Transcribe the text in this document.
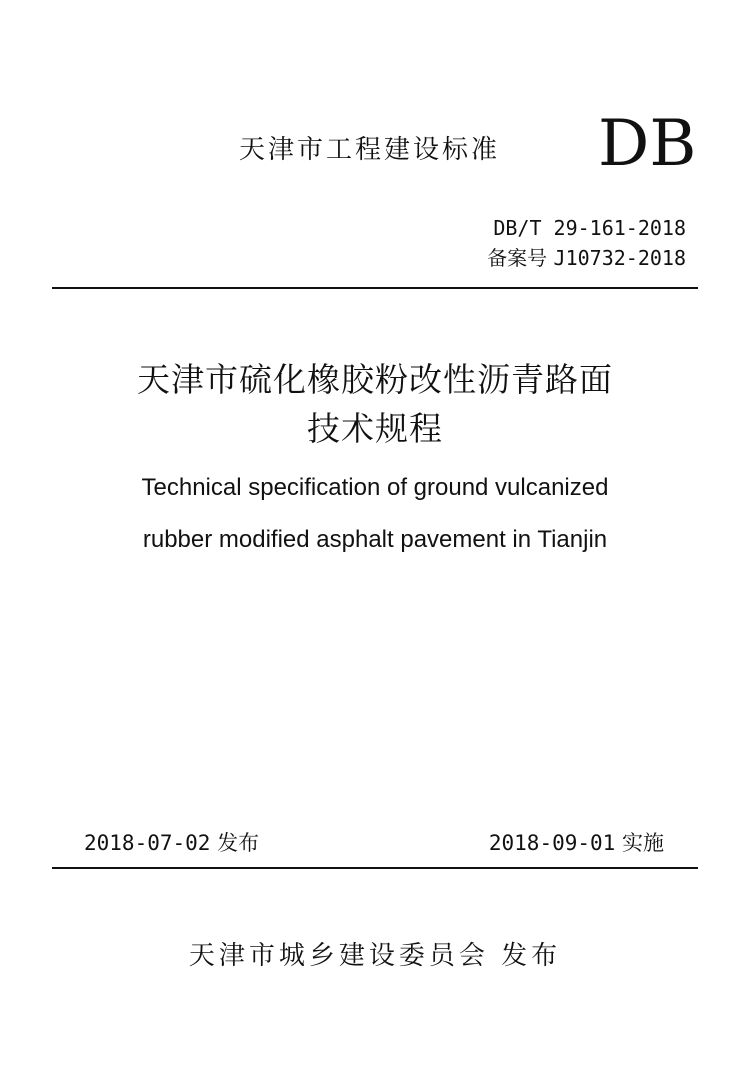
天津市工程建设标准 DB
DB/T 29-161-2018
备案号 J10732-2018
天津市硫化橡胶粉改性沥青路面
技术规程
Technical specification of ground vulcanized
rubber modified asphalt pavement in Tianjin
2018-07-02 发布	2018-09-01 实施
天津市城乡建设委员会 发布
